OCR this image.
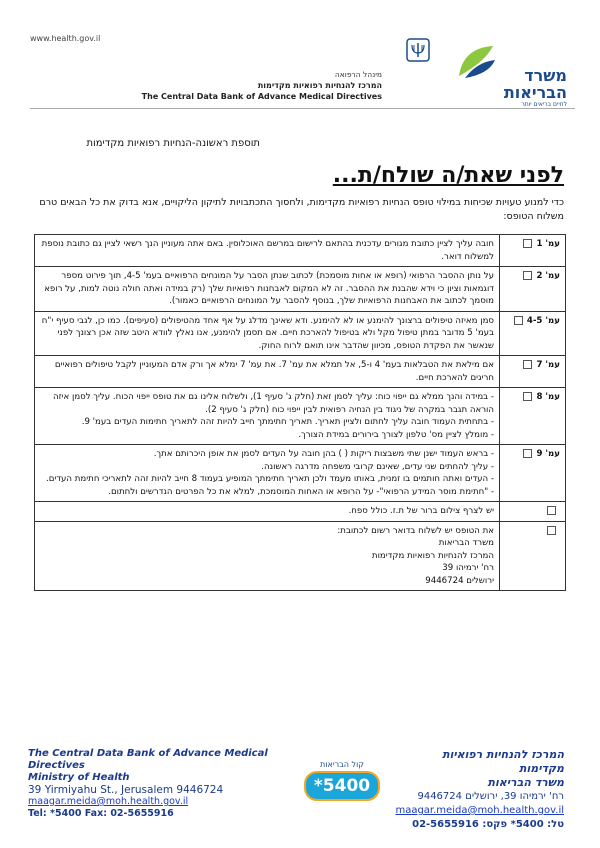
www.health.gov.il
משרד
הבריאות
לחיים בריאים יותר
מינהל הרפואה
המרכז להנחיות רפואיות מקדימות
The Central Data Bank of Advance Medical Directives
תוספת ראשונה-הנחיות רפואיות מקדימות
לפני שאת/ה שולח/ת...
כדי למנוע טעויות שכיחות במילוי טופס הנחיות רפואיות מקדימות, ולחסוך התכתבויות לתיקון הליקויים, אנא בדוק את כל הבאים טרם משלוח הטופס:
עמ' 1	חובה עליך לציין כתובת מגורים עדכנית בהתאם לרישום במרשם האוכלוסין. באם אתה מעוניין הנך רשאי לציין גם כתובת נוספת למשלוח דואר.
עמ' 2	על נותן ההסבר הרפואי (רופא או אחות מוסמכת) לכתוב שנתן הסבר על המונחים הרפואיים בעמ' 4-5, תוך פירוט מספר דוגמאות וציון כי וידא שהבנת את ההסבר. זה לא המקום לאבחנות רפואיות שלך (רק במידה ואתה חולה נוטה למות, על רופא מוסמך לכתוב את האבחנות הרפואיות שלך, בנוסף להסבר על המונחים הרפואיים כאמור).
עמ' 4-5	סמן מאיזה טיפולים ברצונך להימנע או לא להימנע. ודא שאינך מדלג על אף אחד מהטיפולים (סעיפים). כמו כן, לגבי סעיף י"ח בעמ' 5 מדובר במתן טיפול מקל ולא בטיפול להארכת חיים. אם תסמן להימנע, אנו נאלץ לוודא היטב שזה אכן רצונך לפני שנאשר את הפקדת הטופס, מכיוון שהדבר אינו תואם לרוח החוק.
עמ' 7	אם מילאת את הטבלאות בעמ' 4 ו-5, אל תמלא את עמ' 7. את עמ' 7 ימלא אך ורק אדם המעוניין לקבל טיפולים רפואיים חריגים להארכת חיים.
עמ' 8	- במידה והנך ממלא גם ייפוי כוח: עליך לסמן זאת (חלק ג' סעיף 1), ולשלוח אלינו גם את טופס ייפוי הכוח. עליך לסמן איזה הוראה תגבר במקרה של ניגוד בין הנחיה רפואית לבין ייפוי כוח (חלק ג' סעיף 2).
- בתחתית העמוד חובה עליך לחתום ולציין תאריך. תאריך חתימתך חייב להיות זהה לתאריך חתימות העדים בעמ' 9.
- מומלץ לציין מס' טלפון לצורך בירורים במידת הצורך.
עמ' 9	- בראש העמוד ישנן שתי משבצות ריקות ( ) בהן חובה על העדים לסמן את אופן היכרותם אתך.
- עליך להחתים שני עדים, שאינם קרובי משפחה מדרגה ראשונה.
- העדים ואתה חותמים בו זמנית, באותו מעמד ולכן תאריך חתימתך המופיע בעמוד 8 חייב להיות זהה לתאריכי חתימת העדים.
- "חתימת מוסר המידע הרפואי"- על הרופא או האחות המוסמכת, למלא את כל הפרטים הנדרשים ולחתום.
	יש לצרף צילום ברור של ת.ז. כולל ספח.
	את הטופס יש לשלוח בדואר רשום לכתובת:
משרד הבריאות
המרכז להנחיות רפואיות מקדימות
רח' ירמיהו 39
ירושלים 9446724
המרכז להנחיות רפואיות
מקדימות
משרד הבריאות
רח' ירמיהו 39, ירושלים 9446724
maagar.meida@moh.health.gov.il
טל: 5400* פקס: 02-5655916
The Central Data Bank of Advance Medical
Directives
Ministry of Health
39 Yirmiyahu St., Jerusalem 9446724
maagar.meida@moh.health.gov.il
Tel: *5400 Fax: 02-5655916
קול הבריאות
*5400
